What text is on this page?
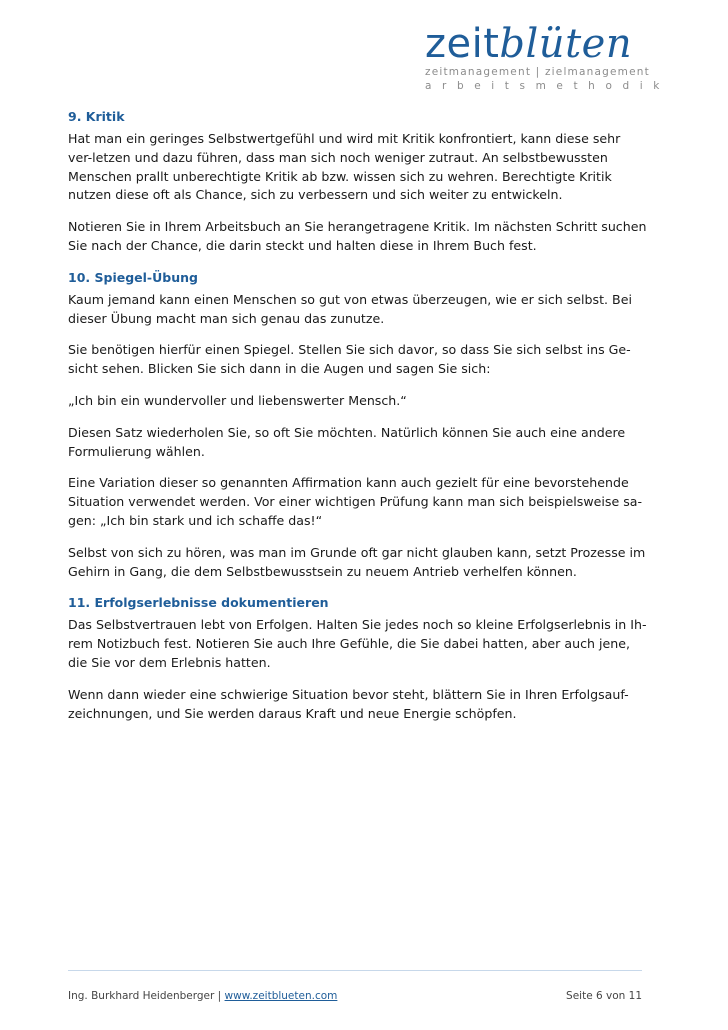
zeitblüten
zeitmanagement | zielmanagement
arbeitsmethodik
9. Kritik

Hat man ein geringes Selbstwertgefühl und wird mit Kritik konfrontiert, kann diese sehr ver-letzen und dazu führen, dass man sich noch weniger zutraut. An selbstbewussten Menschen prallt unberechtigte Kritik ab bzw. wissen sich zu wehren. Berechtigte Kritik nutzen diese oft als Chance, sich zu verbessern und sich weiter zu entwickeln.

Notieren Sie in Ihrem Arbeitsbuch an Sie herangetragene Kritik. Im nächsten Schritt suchen Sie nach der Chance, die darin steckt und halten diese in Ihrem Buch fest.

10. Spiegel-Übung

Kaum jemand kann einen Menschen so gut von etwas überzeugen, wie er sich selbst. Bei dieser Übung macht man sich genau das zunutze.

Sie benötigen hierfür einen Spiegel. Stellen Sie sich davor, so dass Sie sich selbst ins Ge-sicht sehen. Blicken Sie sich dann in die Augen und sagen Sie sich:

„Ich bin ein wundervoller und liebenswerter Mensch.“

Diesen Satz wiederholen Sie, so oft Sie möchten. Natürlich können Sie auch eine andere Formulierung wählen.

Eine Variation dieser so genannten Affirmation kann auch gezielt für eine bevorstehende Situation verwendet werden. Vor einer wichtigen Prüfung kann man sich beispielsweise sa-gen: „Ich bin stark und ich schaffe das!“

Selbst von sich zu hören, was man im Grunde oft gar nicht glauben kann, setzt Prozesse im Gehirn in Gang, die dem Selbstbewusstsein zu neuem Antrieb verhelfen können.

11. Erfolgserlebnisse dokumentieren

Das Selbstvertrauen lebt von Erfolgen. Halten Sie jedes noch so kleine Erfolgserlebnis in Ih-rem Notizbuch fest. Notieren Sie auch Ihre Gefühle, die Sie dabei hatten, aber auch jene, die Sie vor dem Erlebnis hatten.

Wenn dann wieder eine schwierige Situation bevor steht, blättern Sie in Ihren Erfolgsauf-zeichnungen, und Sie werden daraus Kraft und neue Energie schöpfen.

Ing. Burkhard Heidenberger | www.zeitblueten.com	Seite 6 von 11
